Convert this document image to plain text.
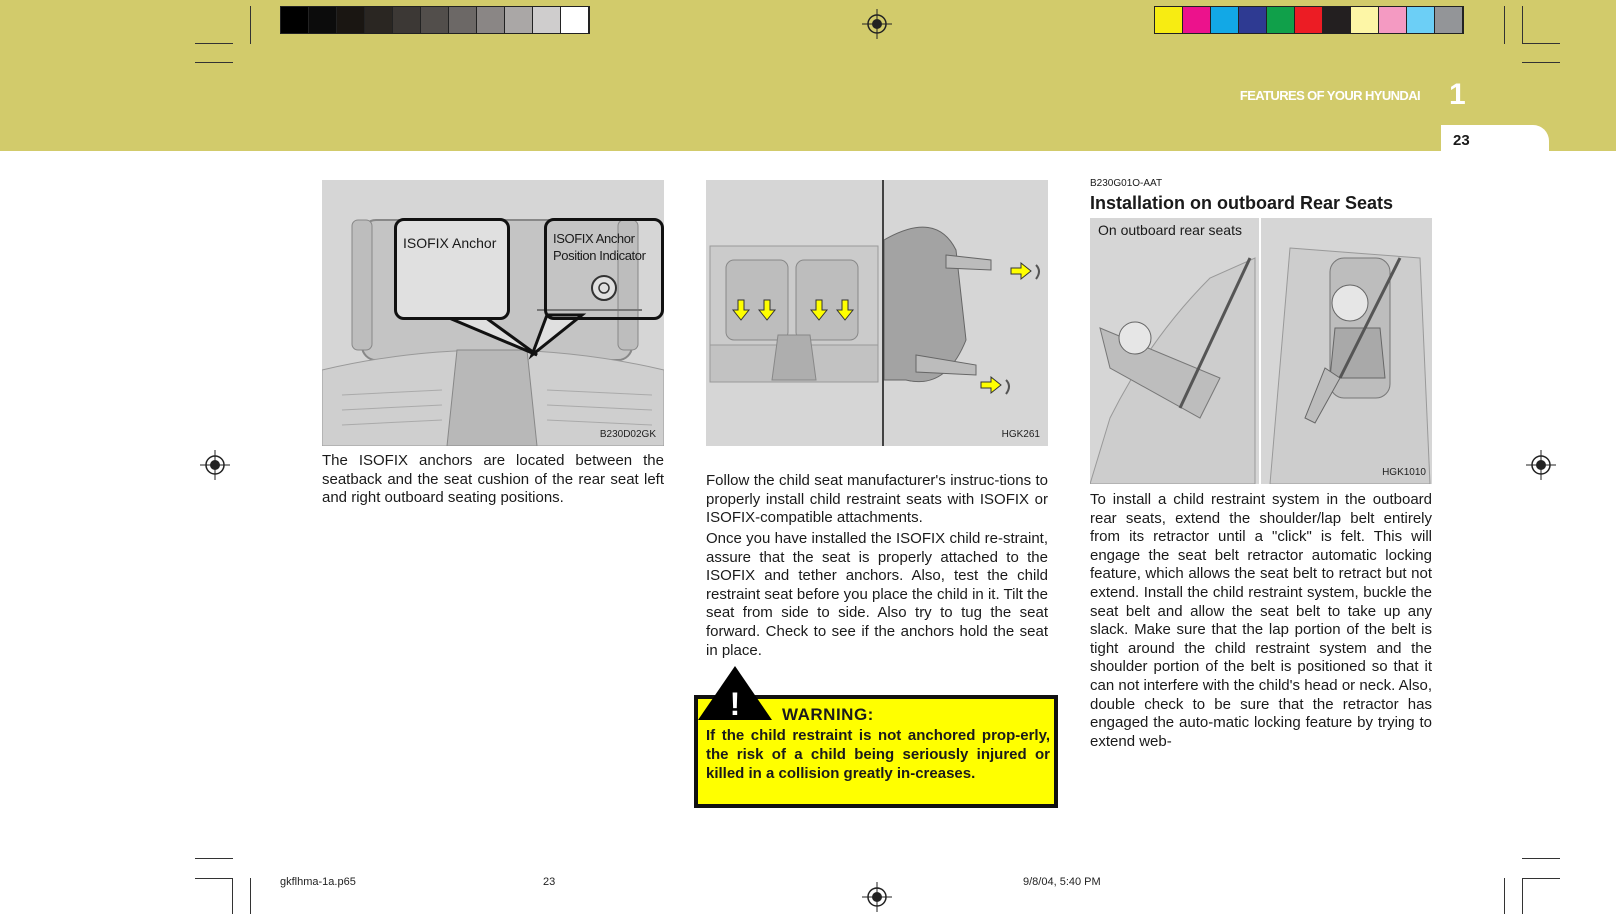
FEATURES OF YOUR HYUNDAI 1
23
ISOFIX Anchor	ISOFIX Anchor Position Indicator
B230D02GK	HGK261
On outboard rear seats
HGK1010

The ISOFIX anchors are located between the seatback and the seat cushion of the rear seat left and right outboard seating positions.

Follow the child seat manufacturer's instruc-tions to properly install child restraint seats with ISOFIX or ISOFIX-compatible attachments.

Once you have installed the ISOFIX child re-straint, assure that the seat is properly attached to the ISOFIX and tether anchors. Also, test the child restraint seat before you place the child in it. Tilt the seat from side to side. Also try to tug the seat forward. Check to see if the anchors hold the seat in place.

! WARNING:

If the child restraint is not anchored prop-erly, the risk of a child being seriously injured or killed in a collision greatly in-creases.

B230G01O-AAT
Installation on outboard Rear Seats

To install a child restraint system in the outboard rear seats, extend the shoulder/lap belt entirely from its retractor until a "click" is felt. This will engage the seat belt retractor automatic locking feature, which allows the seat belt to retract but not extend. Install the child restraint system, buckle the seat belt and allow the seat belt to take up any slack. Make sure that the lap portion of the belt is tight around the child restraint system and the shoulder portion of the belt is positioned so that it can not interfere with the child's head or neck. Also, double check to be sure that the retractor has engaged the auto-matic locking feature by trying to extend web-

gkflhma-1a.p65	23	9/8/04, 5:40 PM
